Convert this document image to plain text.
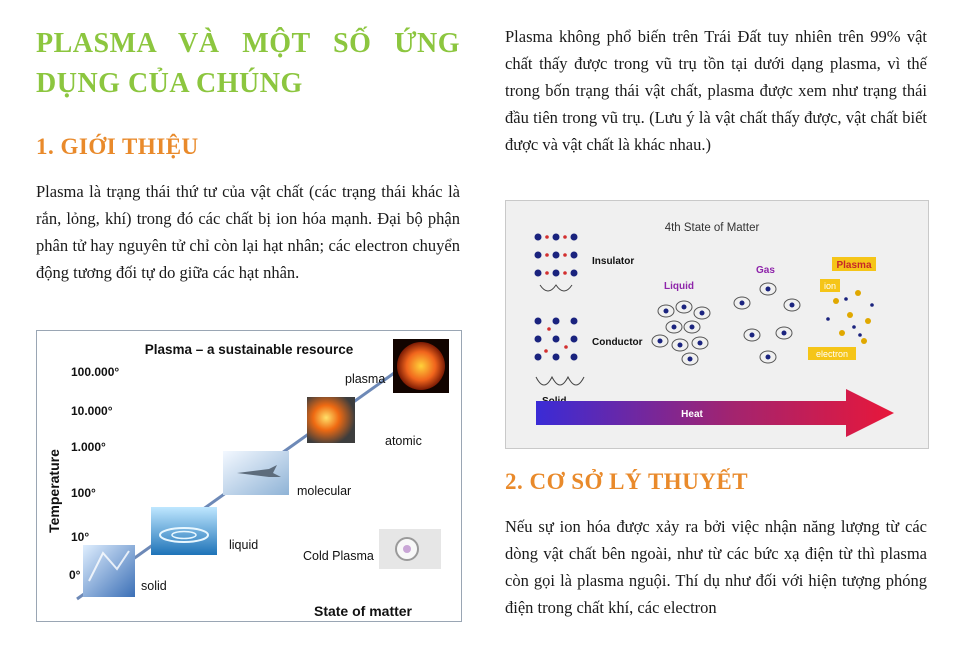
PLASMA VÀ MỘT SỐ ỨNG DỤNG CỦA CHÚNG
1. GIỚI THIỆU

Plasma là trạng thái thứ tư của vật chất (các trạng thái khác là rắn, lỏng, khí) trong đó các chất bị ion hóa mạnh. Đại bộ phận phân tử hay nguyên tử chỉ còn lại hạt nhân; các electron chuyển động tương đối tự do giữa các hạt nhân.

Plasma không phổ biến trên Trái Đất tuy nhiên trên 99% vật chất thấy được trong vũ trụ tồn tại dưới dạng plasma, vì thế trong bốn trạng thái vật chất, plasma được xem như trạng thái đầu tiên trong vũ trụ. (Lưu ý là vật chất thấy được, vật chất biết được và vật chất là khác nhau.)

Plasma – a sustainable resource
Temperature
100.000°
10.000°
1.000°
100°
10°
0°
solid
liquid
molecular
atomic
plasma
Cold Plasma
State of matter
4th State of Matter
Insulator
Conductor
Liquid
Gas	Plasma
ion
electron
Heat
2. CƠ SỞ LÝ THUYẾT

Nếu sự ion hóa được xảy ra bởi việc nhận năng lượng từ các dòng vật chất bên ngoài, như từ các bức xạ điện từ thì plasma còn gọi là plasma nguội. Thí dụ như đối với hiện tượng phóng điện trong chất khí, các electron
